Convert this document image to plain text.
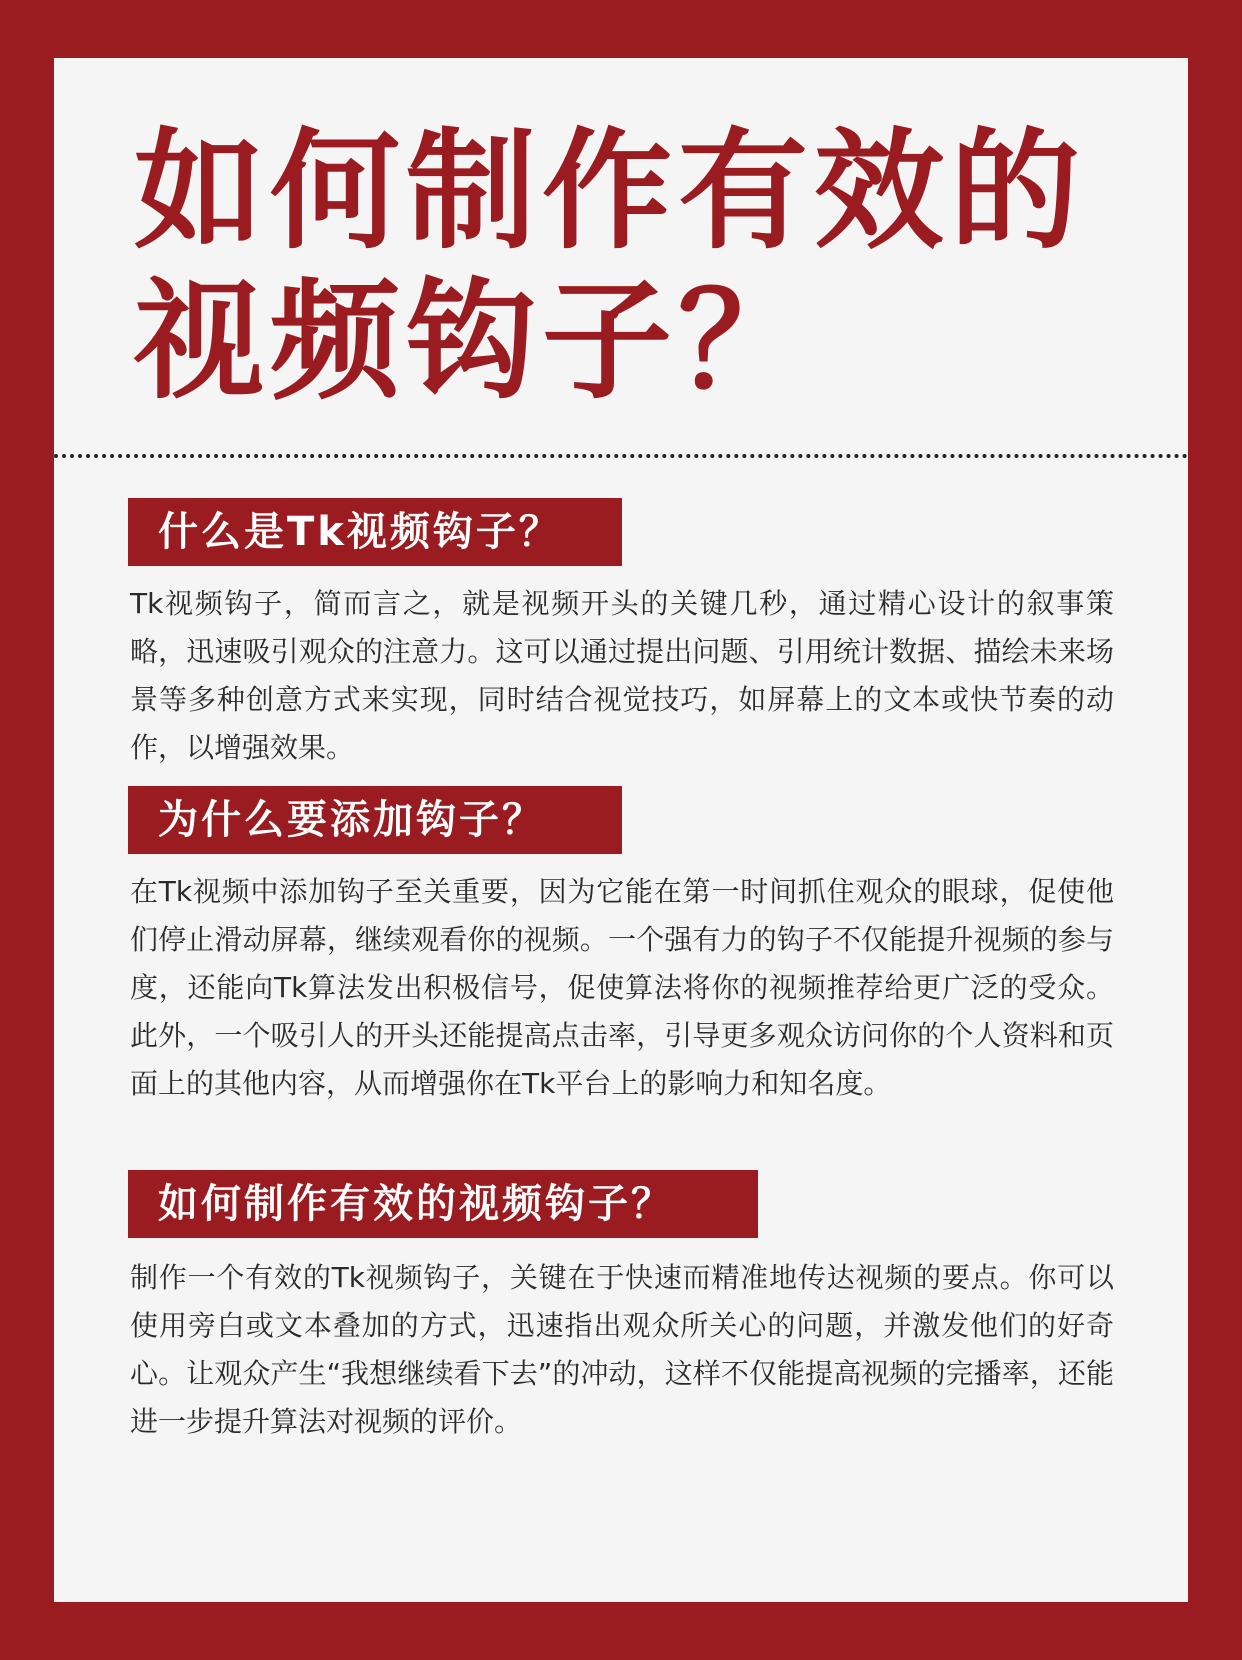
如何制作有效的
视频钩子？
什么是Tk视频钩子？

Tk视频钩子，简而言之，就是视频开头的关键几秒，通过精心设计的叙事策略，迅速吸引观众的注意力。这可以通过提出问题、引用统计数据、描绘未来场景等多种创意方式来实现，同时结合视觉技巧，如屏幕上的文本或快节奏的动作，以增强效果。

为什么要添加钩子？

在Tk视频中添加钩子至关重要，因为它能在第一时间抓住观众的眼球，促使他们停止滑动屏幕，继续观看你的视频。一个强有力的钩子不仅能提升视频的参与度，还能向Tk算法发出积极信号，促使算法将你的视频推荐给更广泛的受众。此外，一个吸引人的开头还能提高点击率，引导更多观众访问你的个人资料和页面上的其他内容，从而增强你在Tk平台上的影响力和知名度。

如何制作有效的视频钩子？

制作一个有效的Tk视频钩子，关键在于快速而精准地传达视频的要点。你可以使用旁白或文本叠加的方式，迅速指出观众所关心的问题，并激发他们的好奇心。让观众产生“我想继续看下去”的冲动，这样不仅能提高视频的完播率，还能进一步提升算法对视频的评价。
